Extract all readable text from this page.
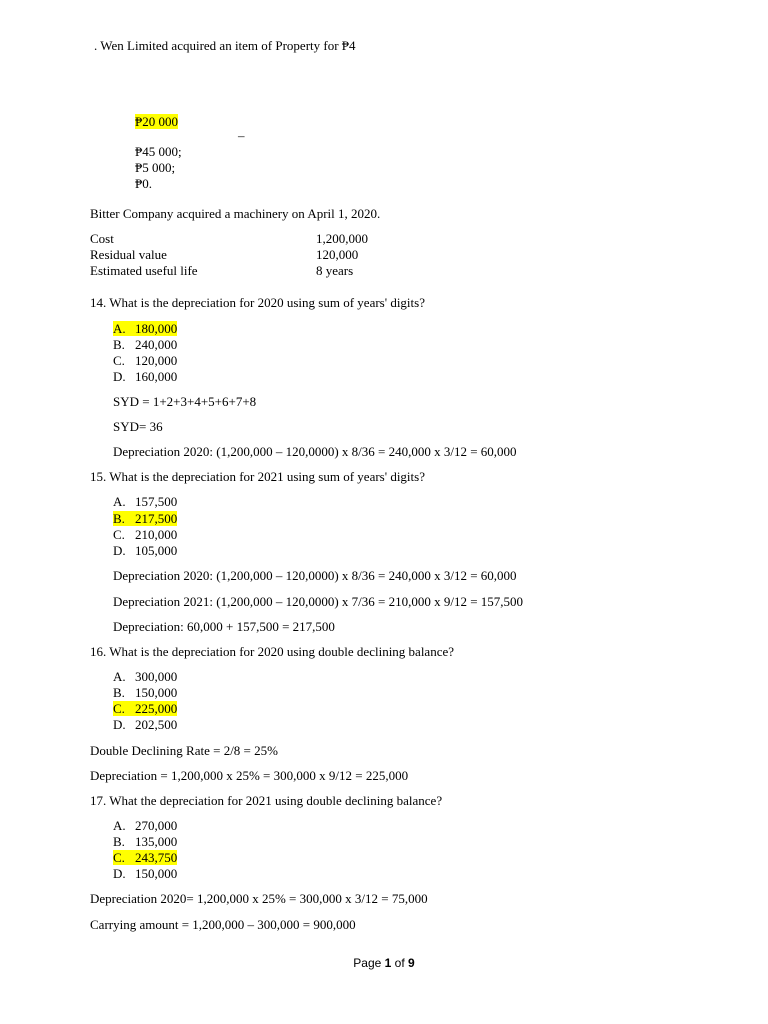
. Wen Limited acquired an item of Property for ₱4
₱20 000
–
₱45 000;
₱5 000;
₱0.
Bitter Company acquired a machinery on April 1, 2020.
Cost	1,200,000
Residual value	120,000
Estimated useful life	8 years
14. What is the depreciation for 2020 using sum of years' digits?
A. 180,000
B. 240,000
C. 120,000
D. 160,000
SYD = 1+2+3+4+5+6+7+8
SYD= 36
Depreciation 2020: (1,200,000 – 120,0000) x 8/36 = 240,000 x 3/12 = 60,000
15. What is the depreciation for 2021 using sum of years' digits?
A. 157,500
B. 217,500
C. 210,000
D. 105,000
Depreciation 2020: (1,200,000 – 120,0000) x 8/36 = 240,000 x 3/12 = 60,000
Depreciation 2021: (1,200,000 – 120,0000) x 7/36 = 210,000 x 9/12 = 157,500
Depreciation: 60,000 + 157,500 = 217,500
16. What is the depreciation for 2020 using double declining balance?
A. 300,000
B. 150,000
C. 225,000
D. 202,500
Double Declining Rate = 2/8 = 25%
Depreciation = 1,200,000 x 25% = 300,000 x 9/12 = 225,000
17. What the depreciation for 2021 using double declining balance?
A. 270,000
B. 135,000
C. 243,750
D. 150,000
Depreciation 2020= 1,200,000 x 25% = 300,000 x 3/12 = 75,000
Carrying amount = 1,200,000 – 300,000 = 900,000
Page 1 of 9
